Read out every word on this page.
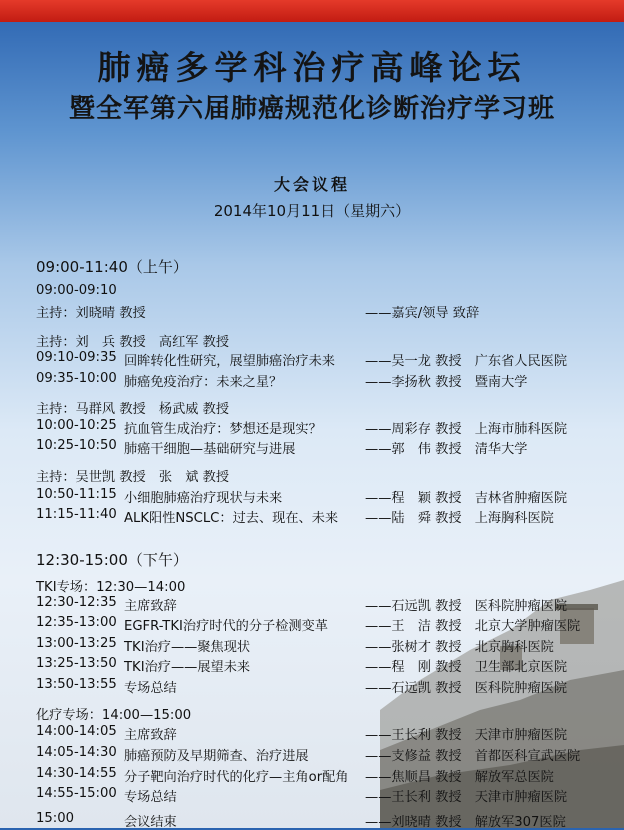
肺癌多学科治疗高峰论坛
暨全军第六届肺癌规范化诊断治疗学习班
大会议程
2014年10月11日（星期六）
09:00-11:40（上午）
09:00-09:10
主持：刘晓晴 教授	——嘉宾/领导 致辞
主持：刘　兵 教授　高红军 教授
09:10-09:35 回眸转化性研究，展望肺癌治疗未来 ——吴一龙 教授　广东省人民医院
09:35-10:00 肺癌免疫治疗：未来之星？	——李扬秋 教授　暨南大学
主持：马群风 教授　杨武威 教授
10:00-10:25 抗血管生成治疗：梦想还是现实？	——周彩存 教授　上海市肺科医院
10:25-10:50 肺癌干细胞—基础研究与进展	——郭　伟 教授　清华大学
主持：吴世凯 教授　张　斌 教授
10:50-11:15 小细胞肺癌治疗现状与未来	——程　颖 教授　吉林省肿瘤医院
11:15-11:40 ALK阳性NSCLC：过去、现在、未来 ——陆　舜 教授　上海胸科医院
12:30-15:00（下午）
TKI专场：12:30—14:00
12:30-12:35 主席致辞	——石远凯 教授　医科院肿瘤医院
12:35-13:00 EGFR-TKI治疗时代的分子检测变革	——王　洁 教授　北京大学肿瘤医院
13:00-13:25 TKI治疗——聚焦现状	——张树才 教授　北京胸科医院
13:25-13:50 TKI治疗——展望未来	——程　刚 教授　卫生部北京医院
13:50-13:55 专场总结	——石远凯 教授　医科院肿瘤医院
化疗专场：14:00—15:00
14:00-14:05 主席致辞	——王长利 教授　天津市肿瘤医院
14:05-14:30 肺癌预防及早期筛查、治疗进展	——支修益 教授　首都医科宣武医院
14:30-14:55 分子靶向治疗时代的化疗—主角or配角 ——焦顺昌 教授　解放军总医院
14:55-15:00 专场总结	——王长利 教授　天津市肿瘤医院
15:00	会议结束	——刘晓晴 教授　解放军307医院
